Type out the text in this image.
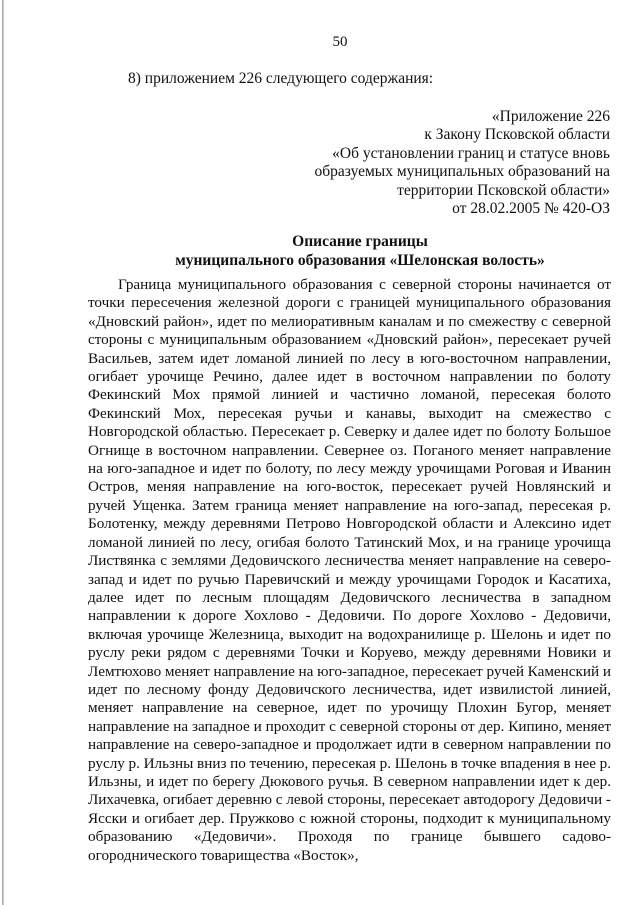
50
8) приложением 226 следующего содержания:
«Приложение 226
к Закону Псковской области
«Об установлении границ и статусе вновь
образуемых муниципальных образований на
территории Псковской области»
от 28.02.2005 № 420-ОЗ
Описание границы
муниципального образования «Шелонская волость»

Граница муниципального образования с северной стороны начинается от точки пересечения железной дороги с границей муниципального образования «Дновский район», идет по мелиоративным каналам и по смежеству с северной стороны с муниципальным образованием «Дновский район», пересекает ручей Васильев, затем идет ломаной линией по лесу в юго-восточном направлении, огибает урочище Речино, далее идет в восточном направлении по болоту Фекинский Мох прямой линией и частично ломаной, пересекая болото Фекинский Мох, пересекая ручьи и канавы, выходит на смежество с Новгородской областью. Пересекает р. Северку и далее идет по болоту Большое Огнище в восточном направлении. Севернее оз. Поганого меняет направление на юго-западное и идет по болоту, по лесу между урочищами Роговая и Иванин Остров, меняя направление на юго-восток, пересекает ручей Новлянский и ручей Ущенка. Затем граница меняет направление на юго-запад, пересекая р. Болотенку, между деревнями Петрово Новгородской области и Алексино идет ломаной линией по лесу, огибая болото Татинский Мох, и на границе урочища Листвянка с землями Дедовичского лесничества меняет направление на северо-запад и идет по ручью Паревичский и между урочищами Городок и Касатиха, далее идет по лесным площадям Дедовичского лесничества в западном направлении к дороге Хохлово - Дедовичи. По дороге Хохлово - Дедовичи, включая урочище Железница, выходит на водохранилище р. Шелонь и идет по руслу реки рядом с деревнями Точки и Коруево, между деревнями Новики и Лемтюхово меняет направление на юго-западное, пересекает ручей Каменский и идет по лесному фонду Дедовичского лесничества, идет извилистой линией, меняет направление на северное, идет по урочищу Плохин Бугор, меняет направление на западное и проходит с северной стороны от дер. Кипино, меняет направление на северо-западное и продолжает идти в северном направлении по руслу р. Ильзны вниз по течению, пересекая р. Шелонь в точке впадения в нее р. Ильзны, и идет по берегу Дюкового ручья. В северном направлении идет к дер. Лихачевка, огибает деревню с левой стороны, пересекает автодорогу Дедовичи - Ясски и огибает дер. Пружково с южной стороны, подходит к муниципальному образованию «Дедовичи». Проходя по границе бывшего садово-огороднического товарищества «Восток»,
